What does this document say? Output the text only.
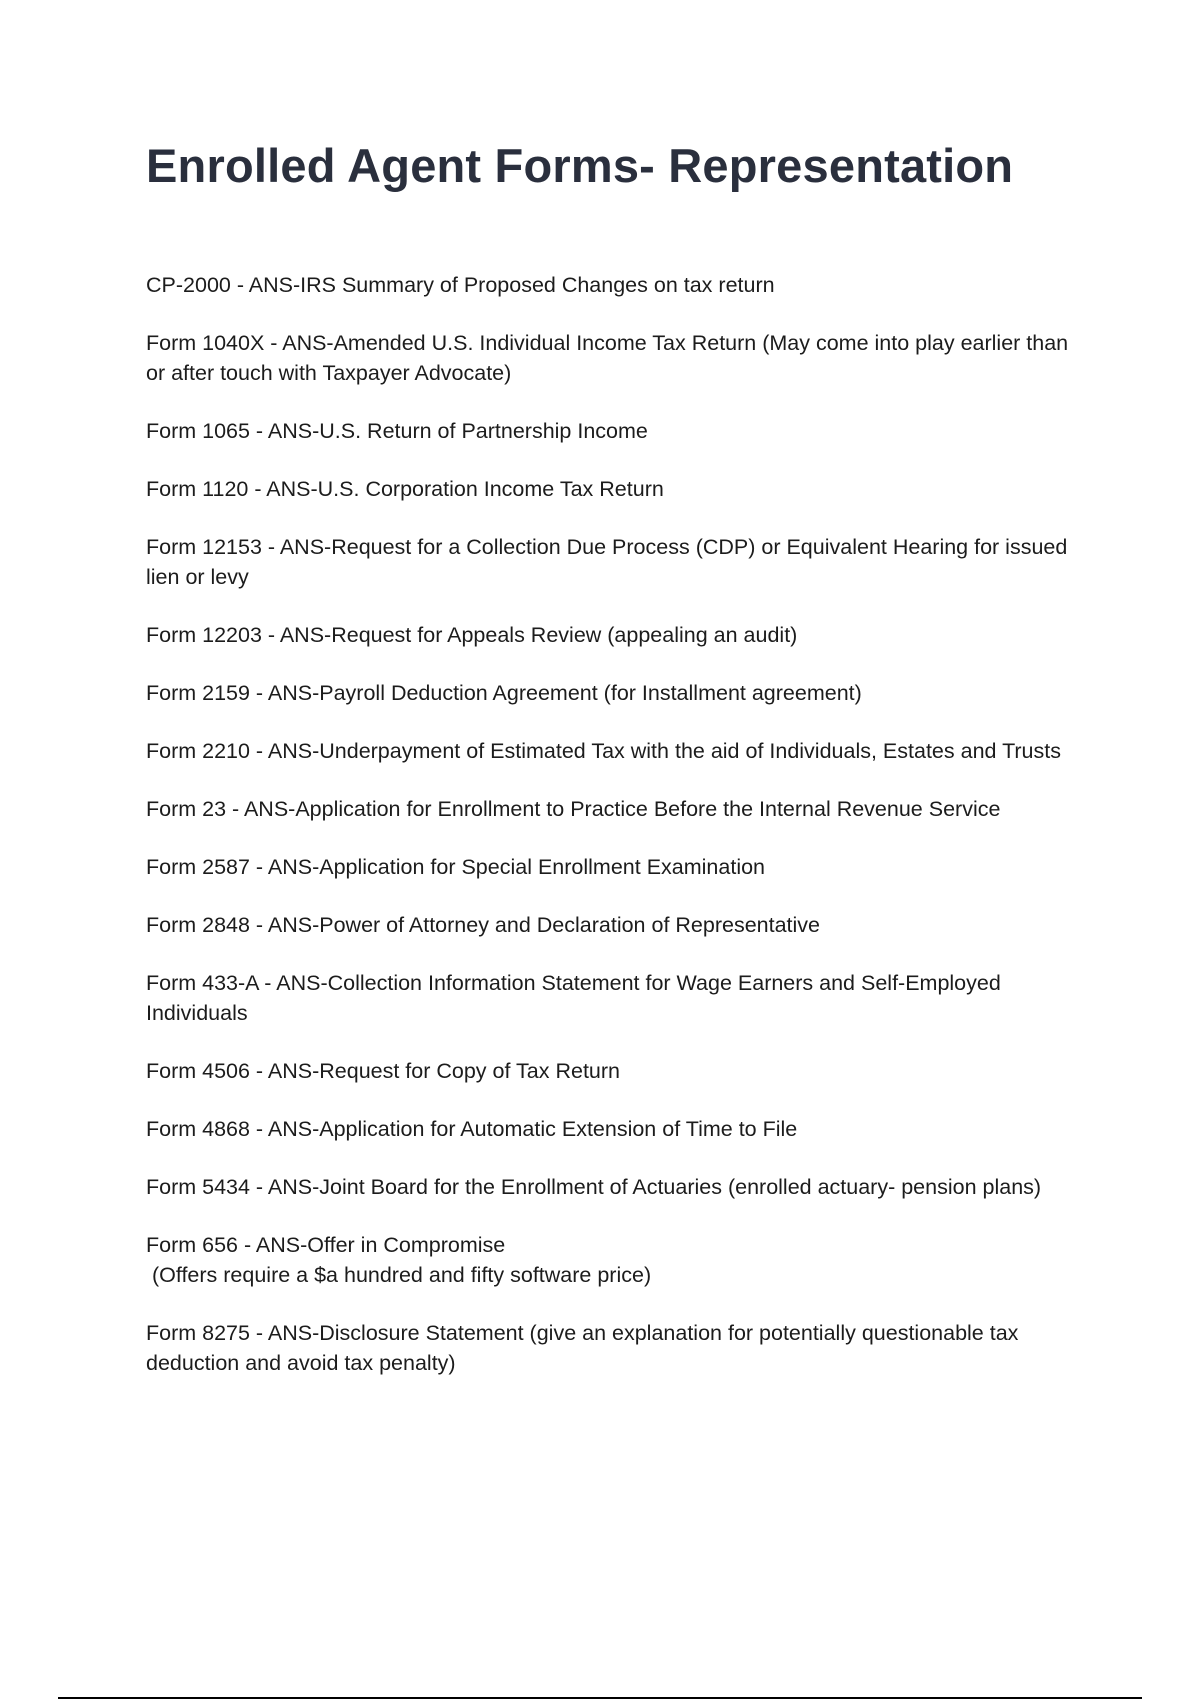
Enrolled Agent Forms- Representation
CP-2000 - ANS-IRS Summary of Proposed Changes on tax return
Form 1040X - ANS-Amended U.S. Individual Income Tax Return (May come into play earlier than or after touch with Taxpayer Advocate)
Form 1065 - ANS-U.S. Return of Partnership Income
Form 1120 - ANS-U.S. Corporation Income Tax Return
Form 12153 - ANS-Request for a Collection Due Process (CDP) or Equivalent Hearing for issued lien or levy
Form 12203 - ANS-Request for Appeals Review (appealing an audit)
Form 2159 - ANS-Payroll Deduction Agreement (for Installment agreement)
Form 2210 - ANS-Underpayment of Estimated Tax with the aid of Individuals, Estates and Trusts
Form 23 - ANS-Application for Enrollment to Practice Before the Internal Revenue Service
Form 2587 - ANS-Application for Special Enrollment Examination
Form 2848 - ANS-Power of Attorney and Declaration of Representative
Form 433-A - ANS-Collection Information Statement for Wage Earners and Self-Employed Individuals
Form 4506 - ANS-Request for Copy of Tax Return
Form 4868 - ANS-Application for Automatic Extension of Time to File
Form 5434 - ANS-Joint Board for the Enrollment of Actuaries (enrolled actuary- pension plans)
Form 656 - ANS-Offer in Compromise
(Offers require a $a hundred and fifty software price)
Form 8275 - ANS-Disclosure Statement (give an explanation for potentially questionable tax deduction and avoid tax penalty)
